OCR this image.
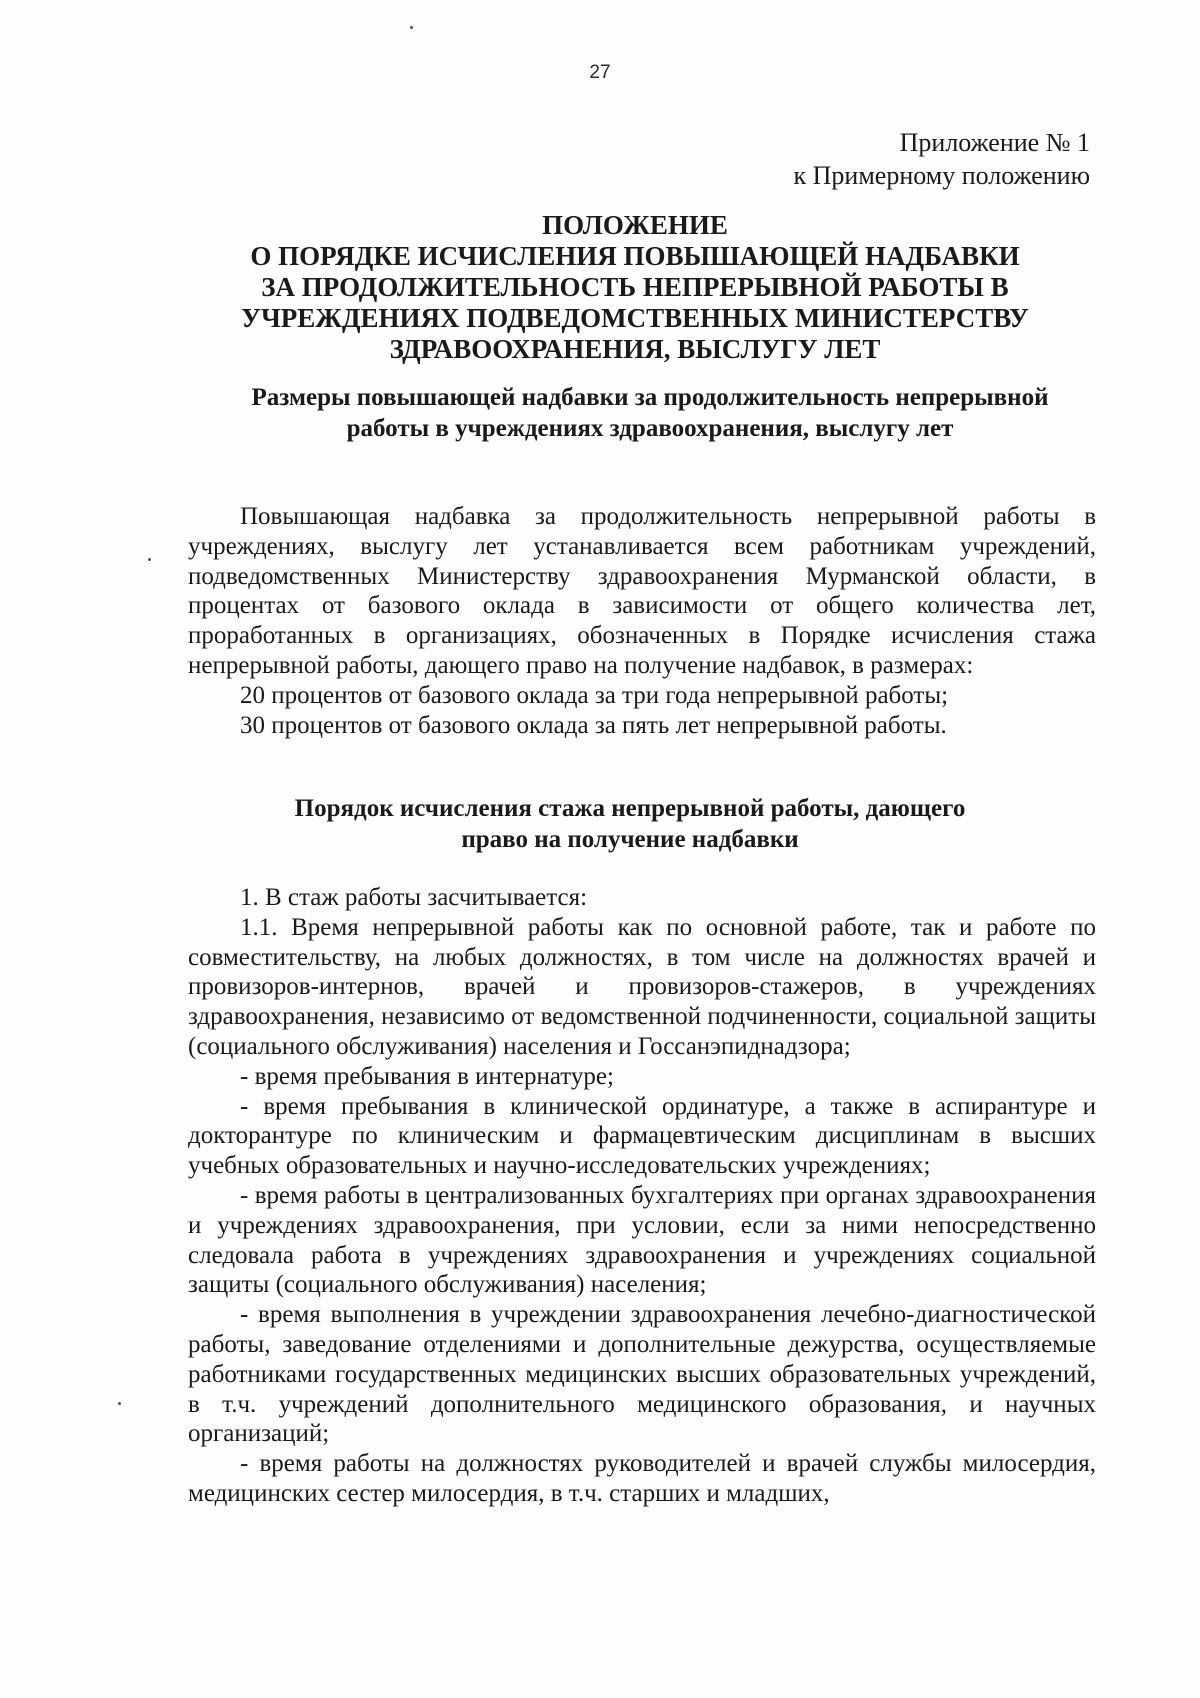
27
Приложение № 1
к Примерному положению
ПОЛОЖЕНИЕ
О ПОРЯДКЕ ИСЧИСЛЕНИЯ ПОВЫШАЮЩЕЙ НАДБАВКИ
ЗА ПРОДОЛЖИТЕЛЬНОСТЬ НЕПРЕРЫВНОЙ РАБОТЫ В
УЧРЕЖДЕНИЯХ ПОДВЕДОМСТВЕННЫХ МИНИСТЕРСТВУ
ЗДРАВООХРАНЕНИЯ, ВЫСЛУГУ ЛЕТ
Размеры повышающей надбавки за продолжительность непрерывной
работы в учреждениях здравоохранения, выслугу лет

Повышающая надбавка за продолжительность непрерывной работы в учреждениях, выслугу лет устанавливается всем работникам учреждений, подведомственных Министерству здравоохранения Мурманской области, в процентах от базового оклада в зависимости от общего количества лет, проработанных в организациях, обозначенных в Порядке исчисления стажа непрерывной работы, дающего право на получение надбавок, в размерах:

20 процентов от базового оклада за три года непрерывной работы;

30 процентов от базового оклада за пять лет непрерывной работы.

Порядок исчисления стажа непрерывной работы, дающего
право на получение надбавки

1. В стаж работы засчитывается:

1.1. Время непрерывной работы как по основной работе, так и работе по совместительству, на любых должностях, в том числе на должностях врачей и провизоров-интернов, врачей и провизоров-стажеров, в учреждениях здравоохранения, независимо от ведомственной подчиненности, социальной защиты (социального обслуживания) населения и Госсанэпиднадзора;

- время пребывания в интернатуре;

- время пребывания в клинической ординатуре, а также в аспирантуре и докторантуре по клиническим и фармацевтическим дисциплинам в высших учебных образовательных и научно-исследовательских учреждениях;

- время работы в централизованных бухгалтериях при органах здравоохранения и учреждениях здравоохранения, при условии, если за ними непосредственно следовала работа в учреждениях здравоохранения и учреждениях социальной защиты (социального обслуживания) населения;

- время выполнения в учреждении здравоохранения лечебно-диагностической работы, заведование отделениями и дополнительные дежурства, осуществляемые работниками государственных медицинских высших образовательных учреждений, в т.ч. учреждений дополнительного медицинского образования, и научных организаций;

- время работы на должностях руководителей и врачей службы милосердия, медицинских сестер милосердия, в т.ч. старших и младших,
